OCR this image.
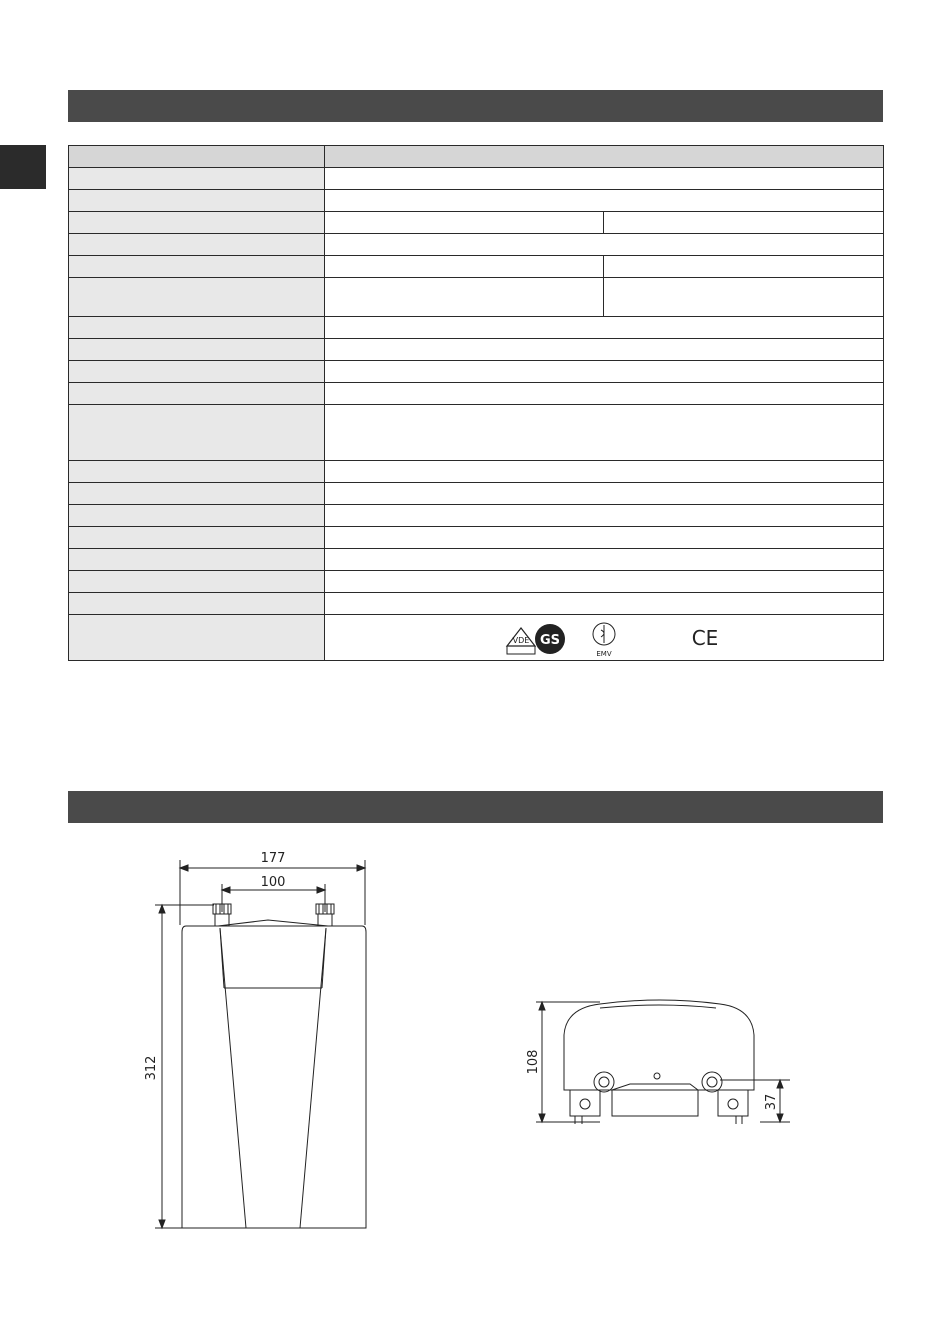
VDE GS
EMV
CE	
177
100
312	108
37
